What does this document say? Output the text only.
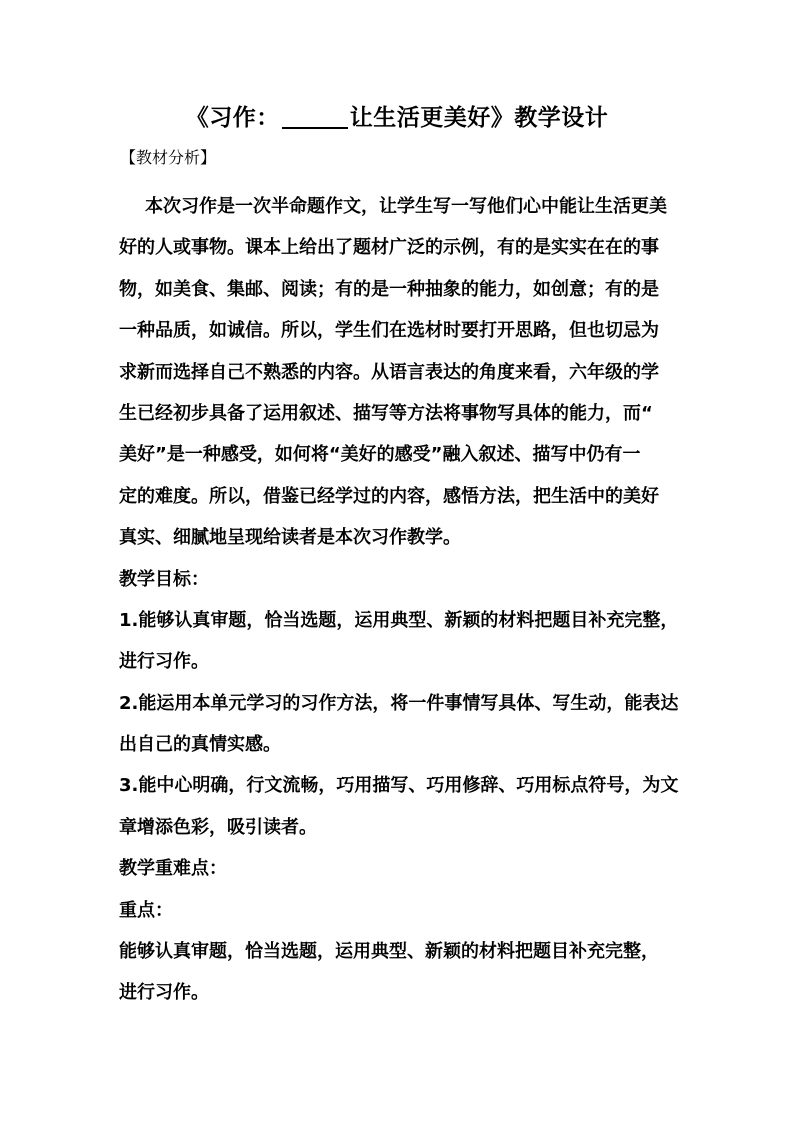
《习作：	让生活更美好》教学设计
【教材分析】
本次习作是一次半命题作文，让学生写一写他们心中能让生活更美
好的人或事物。课本上给出了题材广泛的示例，有的是实实在在的事
物，如美食、集邮、阅读；有的是一种抽象的能力，如创意；有的是
一种品质，如诚信。所以，学生们在选材时要打开思路，但也切忌为
求新而选择自己不熟悉的内容。从语言表达的角度来看，六年级的学
生已经初步具备了运用叙述、描写等方法将事物写具体的能力，而“
美好”是一种感受，如何将“美好的感受”融入叙述、描写中仍有一
定的难度。所以，借鉴已经学过的内容，感悟方法，把生活中的美好
真实、细腻地呈现给读者是本次习作教学。
教学目标：
1.能够认真审题，恰当选题，运用典型、新颖的材料把题目补充完整，
进行习作。
2.能运用本单元学习的习作方法，将一件事情写具体、写生动，能表达
出自己的真情实感。
3.能中心明确，行文流畅，巧用描写、巧用修辞、巧用标点符号，为文
章增添色彩，吸引读者。
教学重难点：
重点：
能够认真审题，恰当选题，运用典型、新颖的材料把题目补充完整，
进行习作。
